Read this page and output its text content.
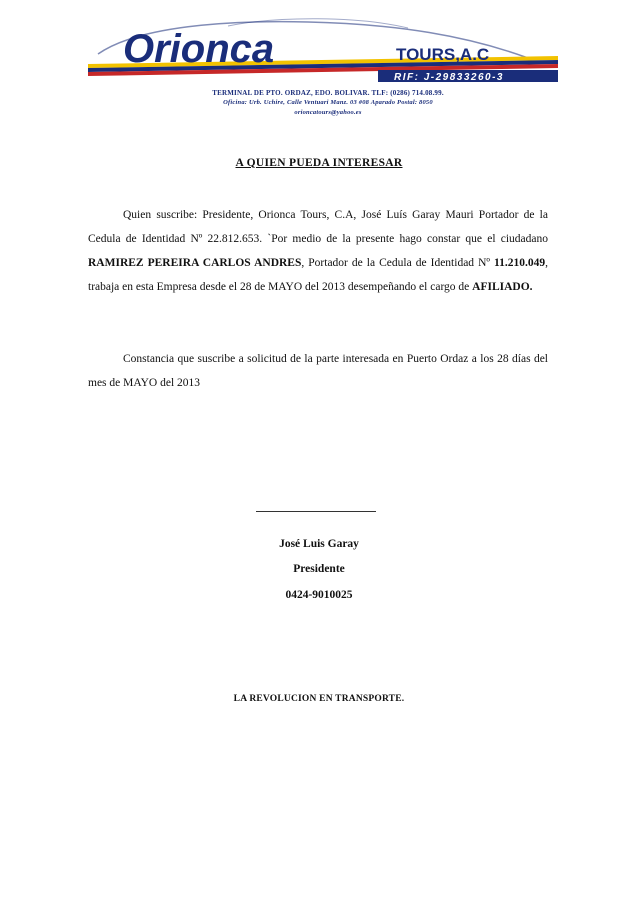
Orionca	TOURS,A.C
RIF: J-29833260-3
TERMINAL DE PTO. ORDAZ, EDO. BOLIVAR. TLF: (0286) 714.08.99.
Oficina: Urb. Uchire, Calle Ventuari Manz. 03 #08 Aparado Postal: 8050
orioncatours@yahoo.es
A QUIEN PUEDA INTERESAR

Quien suscribe: Presidente, Orionca Tours, C.A, José Luís Garay Mauri Portador de la Cedula de Identidad Nº 22.812.653. `Por medio de la presente hago constar que el ciudadano RAMIREZ PEREIRA CARLOS ANDRES, Portador de la Cedula de Identidad Nº 11.210.049, trabaja en esta Empresa desde el 28 de MAYO del 2013 desempeñando el cargo de AFILIADO.

Constancia que suscribe a solicitud de la parte interesada en Puerto Ordaz a los 28 días del mes de MAYO del 2013

José Luis Garay
Presidente
0424-9010025
LA REVOLUCION EN TRANSPORTE.
